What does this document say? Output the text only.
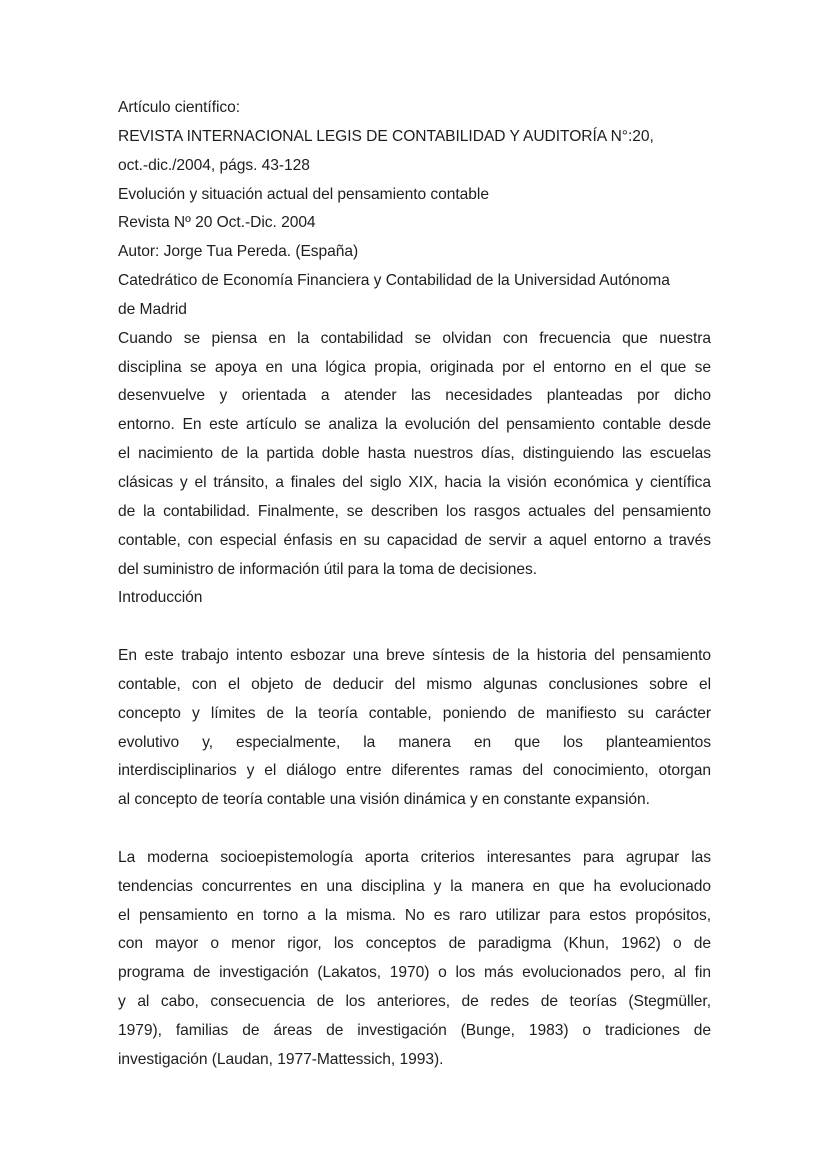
Artículo científico:
REVISTA INTERNACIONAL LEGIS DE CONTABILIDAD Y AUDITORÍA N°:20,
oct.-dic./2004, págs. 43-128
Evolución y situación actual del pensamiento contable
Revista Nº 20 Oct.-Dic. 2004
Autor: Jorge Tua Pereda. (España)
Catedrático de Economía Financiera y Contabilidad de la Universidad Autónoma
de Madrid
Cuando se piensa en la contabilidad se olvidan con frecuencia que nuestra
disciplina se apoya en una lógica propia, originada por el entorno en el que se
desenvuelve y orientada a atender las necesidades planteadas por dicho
entorno. En este artículo se analiza la evolución del pensamiento contable desde
el nacimiento de la partida doble hasta nuestros días, distinguiendo las escuelas
clásicas y el tránsito, a finales del siglo XIX, hacia la visión económica y científica
de la contabilidad. Finalmente, se describen los rasgos actuales del pensamiento
contable, con especial énfasis en su capacidad de servir a aquel entorno a través
del suministro de información útil para la toma de decisiones.
Introducción
En este trabajo intento esbozar una breve síntesis de la historia del pensamiento
contable, con el objeto de deducir del mismo algunas conclusiones sobre el
concepto y límites de la teoría contable, poniendo de manifiesto su carácter
evolutivo y, especialmente, la manera en que los planteamientos
interdisciplinarios y el diálogo entre diferentes ramas del conocimiento, otorgan
al concepto de teoría contable una visión dinámica y en constante expansión.
La moderna socioepistemología aporta criterios interesantes para agrupar las
tendencias concurrentes en una disciplina y la manera en que ha evolucionado
el pensamiento en torno a la misma. No es raro utilizar para estos propósitos,
con mayor o menor rigor, los conceptos de paradigma (Khun, 1962) o de
programa de investigación (Lakatos, 1970) o los más evolucionados pero, al fin
y al cabo, consecuencia de los anteriores, de redes de teorías (Stegmüller,
1979), familias de áreas de investigación (Bunge, 1983) o tradiciones de
investigación (Laudan, 1977-Mattessich, 1993).
